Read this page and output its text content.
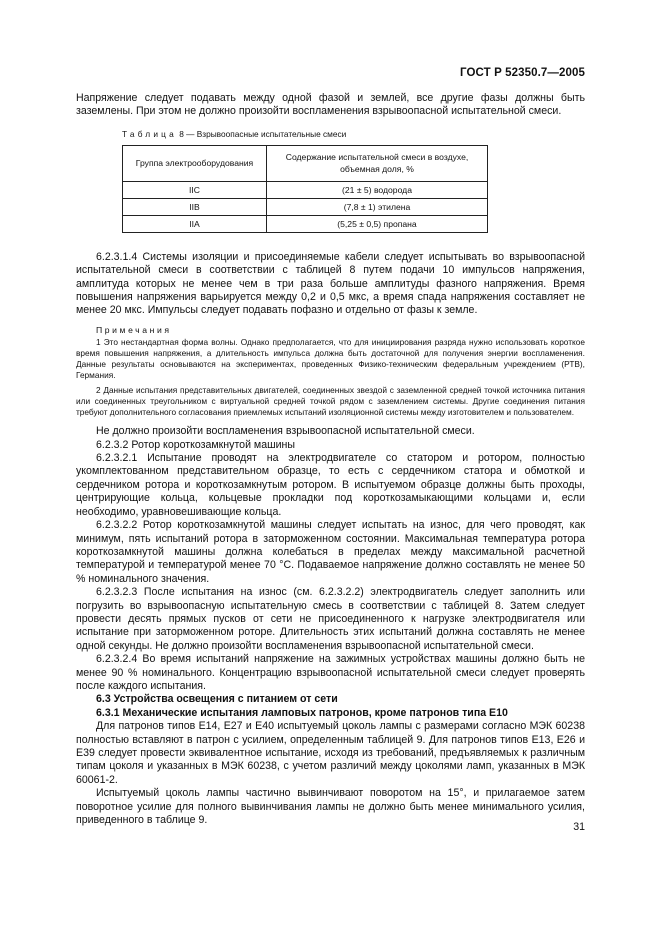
ГОСТ Р 52350.7—2005

Напряжение следует подавать между одной фазой и землей, все другие фазы должны быть заземлены. При этом не должно произойти воспламенения взрывоопасной испытательной смеси.

Таблица 8 — Взрывоопасные испытательные смеси

Группа электрооборудования	Содержание испытательной смеси в воздухе, объемная доля, %
IIC	(21 ± 5) водорода
IIB	(7,8 ± 1) этилена
IIA	(5,25 ± 0,5) пропана

6.2.3.1.4 Системы изоляции и присоединяемые кабели следует испытывать во взрывоопасной испытательной смеси в соответствии с таблицей 8 путем подачи 10 импульсов напряжения, амплитуда которых не менее чем в три раза больше амплитуды фазного напряжения. Время повышения напряжения варьируется между 0,2 и 0,5 мкс, а время спада напряжения составляет не менее 20 мкс. Импульсы следует подавать пофазно и отдельно от фазы к земле.

Примечания

1 Это нестандартная форма волны. Однако предполагается, что для инициирования разряда нужно использовать короткое время повышения напряжения, а длительность импульса должна быть достаточной для получения энергии воспламенения. Данные результаты основываются на экспериментах, проведенных Физико-техническим федеральным учреждением (РТВ), Германия.

2 Данные испытания представительных двигателей, соединенных звездой с заземленной средней точкой источника питания или соединенных треугольником с виртуальной средней точкой рядом с заземлением системы. Другие соединения питания требуют дополнительного согласования приемлемых испытаний изоляционной системы между изготовителем и пользователем.

Не должно произойти воспламенения взрывоопасной испытательной смеси.

6.2.3.2 Ротор короткозамкнутой машины

6.2.3.2.1 Испытание проводят на электродвигателе со статором и ротором, полностью укомплектованном представительном образце, то есть с сердечником статора и обмоткой и сердечником ротора и короткозамкнутым ротором. В испытуемом образце должны быть проходы, центрирующие кольца, кольцевые прокладки под короткозамыкающими кольцами и, если необходимо, уравновешивающие кольца.

6.2.3.2.2 Ротор короткозамкнутой машины следует испытать на износ, для чего проводят, как минимум, пять испытаний ротора в заторможенном состоянии. Максимальная температура ротора короткозамкнутой машины должна колебаться в пределах между максимальной расчетной температурой и температурой менее 70 °С. Подаваемое напряжение должно составлять не менее 50 % номинального значения.

6.2.3.2.3 После испытания на износ (см. 6.2.3.2.2) электродвигатель следует заполнить или погрузить во взрывоопасную испытательную смесь в соответствии с таблицей 8. Затем следует провести десять прямых пусков от сети не присоединенного к нагрузке электродвигателя или испытание при заторможенном роторе. Длительность этих испытаний должна составлять не менее одной секунды. Не должно произойти воспламенения взрывоопасной испытательной смеси.

6.2.3.2.4 Во время испытаний напряжение на зажимных устройствах машины должно быть не менее 90 % номинального. Концентрацию взрывоопасной испытательной смеси следует проверять после каждого испытания.

6.3 Устройства освещения с питанием от сети

6.3.1 Механические испытания ламповых патронов, кроме патронов типа Е10

Для патронов типов Е14, Е27 и Е40 испытуемый цоколь лампы с размерами согласно МЭК 60238 полностью вставляют в патрон с усилием, определенным таблицей 9. Для патронов типов Е13, Е26 и Е39 следует провести эквивалентное испытание, исходя из требований, предъявляемых к различным типам цоколя и указанных в МЭК 60238, с учетом различий между цоколями ламп, указанных в МЭК 60061-2.

Испытуемый цоколь лампы частично вывинчивают поворотом на 15°, и прилагаемое затем поворотное усилие для полного вывинчивания лампы не должно быть менее минимального усилия, приведенного в таблице 9.

31
